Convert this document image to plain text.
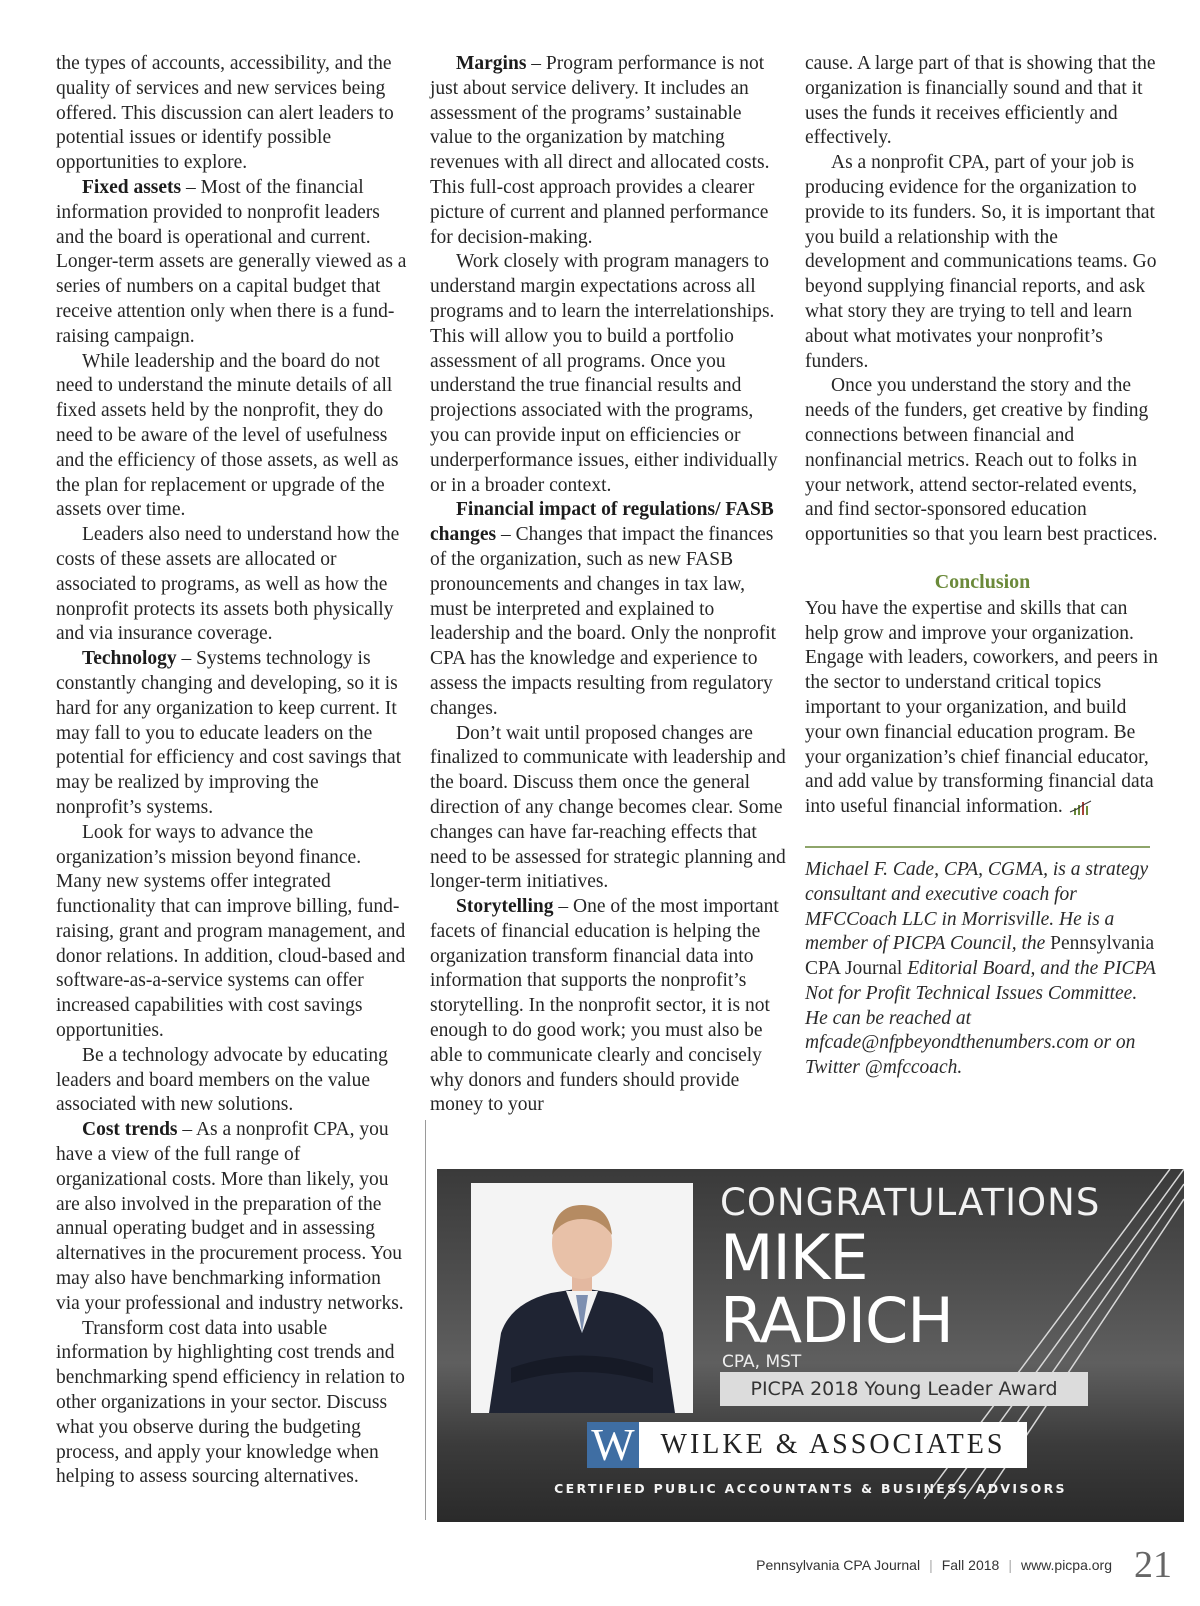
the types of accounts, accessibility, and the quality of services and new services being offered. This discussion can alert leaders to potential issues or identify possible opportunities to explore.

Fixed assets – Most of the financial information provided to nonprofit leaders and the board is operational and current. Longer-term assets are generally viewed as a series of numbers on a capital budget that receive attention only when there is a fund-raising campaign.

While leadership and the board do not need to understand the minute details of all fixed assets held by the nonprofit, they do need to be aware of the level of usefulness and the efficiency of those assets, as well as the plan for replacement or upgrade of the assets over time.

Leaders also need to understand how the costs of these assets are allocated or associated to programs, as well as how the nonprofit protects its assets both physically and via insurance coverage.

Technology – Systems technology is constantly changing and developing, so it is hard for any organization to keep current. It may fall to you to educate leaders on the potential for efficiency and cost savings that may be realized by improving the nonprofit’s systems.

Look for ways to advance the organization’s mission beyond finance. Many new systems offer integrated functionality that can improve billing, fund-raising, grant and program management, and donor relations. In addition, cloud-based and software-as-a-service systems can offer increased capabilities with cost savings opportunities.

Be a technology advocate by educating leaders and board members on the value associated with new solutions.

Cost trends – As a nonprofit CPA, you have a view of the full range of organizational costs. More than likely, you are also involved in the preparation of the annual operating budget and in assessing alternatives in the procurement process. You may also have benchmarking information via your professional and industry networks.

Transform cost data into usable information by highlighting cost trends and benchmarking spend efficiency in relation to other organizations in your sector. Discuss what you observe during the budgeting process, and apply your knowledge when helping to assess sourcing alternatives.

Margins – Program performance is not just about service delivery. It includes an assessment of the programs’ sustainable value to the organization by matching revenues with all direct and allocated costs. This full-cost approach provides a clearer picture of current and planned performance for decision-making.

Work closely with program managers to understand margin expectations across all programs and to learn the interrelationships. This will allow you to build a portfolio assessment of all programs. Once you understand the true financial results and projections associated with the programs, you can provide input on efficiencies or underperformance issues, either individually or in a broader context.

Financial impact of regulations/ FASB changes – Changes that impact the finances of the organization, such as new FASB pronouncements and changes in tax law, must be interpreted and explained to leadership and the board. Only the nonprofit CPA has the knowledge and experience to assess the impacts resulting from regulatory changes.

Don’t wait until proposed changes are finalized to communicate with leadership and the board. Discuss them once the general direction of any change becomes clear. Some changes can have far-reaching effects that need to be assessed for strategic planning and longer-term initiatives.

Storytelling – One of the most important facets of financial education is helping the organization transform financial data into information that supports the nonprofit’s storytelling. In the nonprofit sector, it is not enough to do good work; you must also be able to communicate clearly and concisely why donors and funders should provide money to your

cause. A large part of that is showing that the organization is financially sound and that it uses the funds it receives efficiently and effectively.

As a nonprofit CPA, part of your job is producing evidence for the organization to provide to its funders. So, it is important that you build a relationship with the development and communications teams. Go beyond supplying financial reports, and ask what story they are trying to tell and learn about what motivates your nonprofit’s funders.

Once you understand the story and the needs of the funders, get creative by finding connections between financial and nonfinancial metrics. Reach out to folks in your network, attend sector-related events, and find sector-sponsored education opportunities so that you learn best practices.

Conclusion

You have the expertise and skills that can help grow and improve your organization. Engage with leaders, coworkers, and peers in the sector to understand critical topics important to your organization, and build your own financial education program. Be your organization’s chief financial educator, and add value by transforming financial data into useful financial information.

Michael F. Cade, CPA, CGMA, is a strategy consultant and executive coach for MFCCoach LLC in Morrisville. He is a member of PICPA Council, the Pennsylvania CPA Journal Editorial Board, and the PICPA Not for Profit Technical Issues Committee. He can be reached at mfcade@nfpbeyondthenumbers.com or on Twitter @mfccoach.

CONGRATULATIONS
MIKE
RADICH
CPA, MST
PICPA 2018 Young Leader Award
W WILKE & ASSOCIATES
CERTIFIED PUBLIC ACCOUNTANTS & BUSINESS ADVISORS
Pennsylvania CPA Journal | Fall 2018 | www.picpa.org 21
